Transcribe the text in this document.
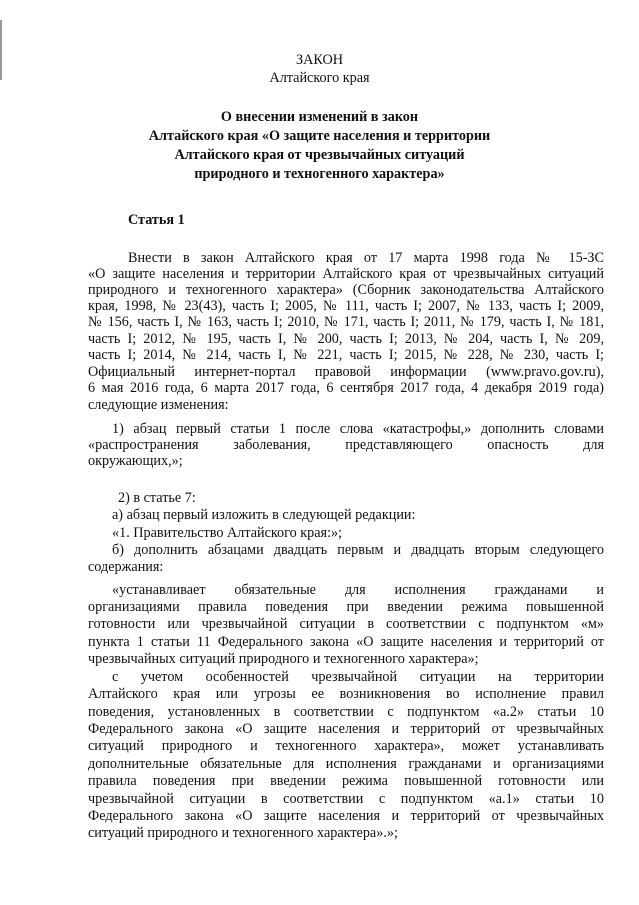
ЗАКОН
Алтайского края
О внесении изменений в закон
Алтайского края «О защите населения и территории
Алтайского края от чрезвычайных ситуаций
природного и техногенного характера»
Статья 1
Внести в закон Алтайского края от 17 марта 1998 года № 15-ЗС
«О защите населения и территории Алтайского края от чрезвычайных ситуаций
природного и техногенного характера» (Сборник законодательства Алтайского
края, 1998, № 23(43), часть I; 2005, № 111, часть I; 2007, № 133, часть I; 2009,
№ 156, часть I, № 163, часть I; 2010, № 171, часть I; 2011, № 179, часть I, № 181,
часть I; 2012, № 195, часть I, № 200, часть I; 2013, № 204, часть I, № 209,
часть I; 2014, № 214, часть I, № 221, часть I; 2015, № 228, № 230, часть I;
Официальный интернет-портал правовой информации (www.pravo.gov.ru),
6 мая 2016 года, 6 марта 2017 года, 6 сентября 2017 года, 4 декабря 2019 года)
следующие изменения:
1) абзац первый статьи 1 после слова «катастрофы,» дополнить словами
«распространения заболевания, представляющего опасность для
окружающих,»;
2) в статье 7:
а) абзац первый изложить в следующей редакции:
«1. Правительство Алтайского края:»;
б) дополнить абзацами двадцать первым и двадцать вторым следующего
содержания:
«устанавливает обязательные для исполнения гражданами и
организациями правила поведения при введении режима повышенной
готовности или чрезвычайной ситуации в соответствии с подпунктом «м»
пункта 1 статьи 11 Федерального закона «О защите населения и территорий от
чрезвычайных ситуаций природного и техногенного характера»;
с учетом особенностей чрезвычайной ситуации на территории
Алтайского края или угрозы ее возникновения во исполнение правил
поведения, установленных в соответствии с подпунктом «а.2» статьи 10
Федерального закона «О защите населения и территорий от чрезвычайных
ситуаций природного и техногенного характера», может устанавливать
дополнительные обязательные для исполнения гражданами и организациями
правила поведения при введении режима повышенной готовности или
чрезвычайной ситуации в соответствии с подпунктом «а.1» статьи 10
Федерального закона «О защите населения и территорий от чрезвычайных
ситуаций природного и техногенного характера».»;
